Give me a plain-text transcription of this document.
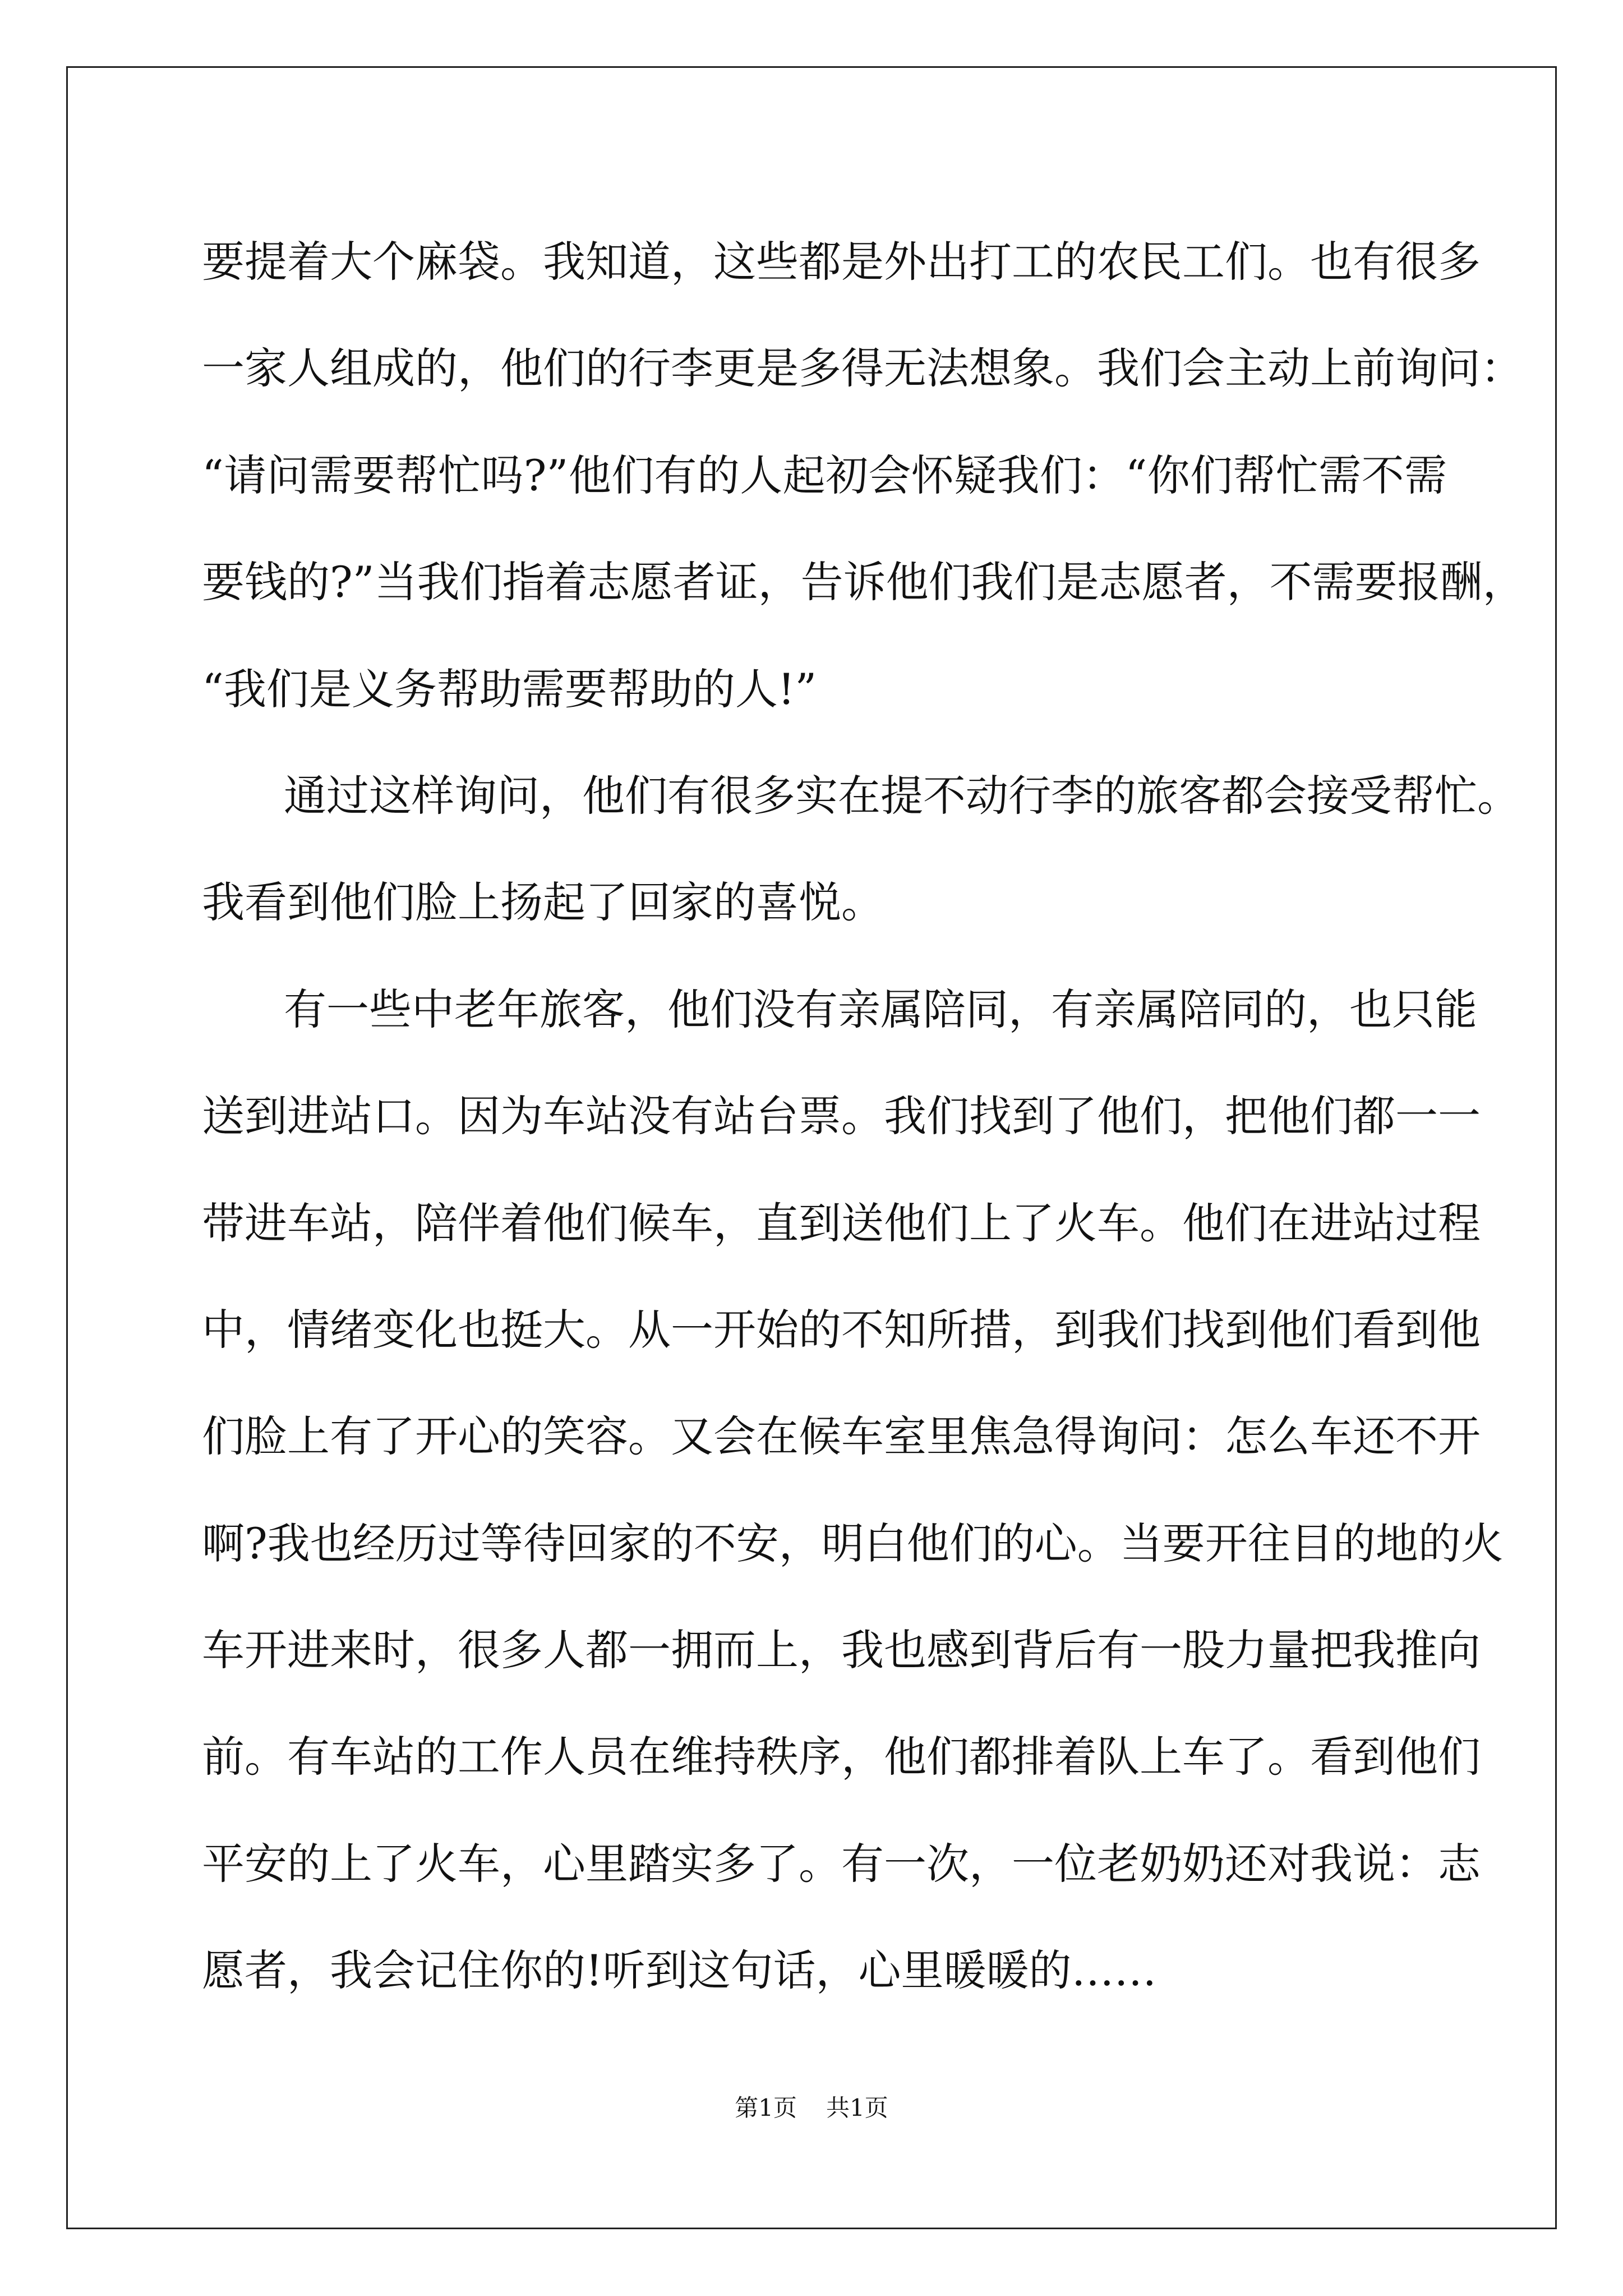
要提着大个麻袋。我知道，这些都是外出打工的农民工们。也有很多
一家人组成的，他们的行李更是多得无法想象。我们会主动上前询问：
“请问需要帮忙吗?”他们有的人起初会怀疑我们：“你们帮忙需不需
要钱的?”当我们指着志愿者证，告诉他们我们是志愿者，不需要报酬，
“我们是义务帮助需要帮助的人!”
通过这样询问，他们有很多实在提不动行李的旅客都会接受帮忙。
我看到他们脸上扬起了回家的喜悦。
有一些中老年旅客，他们没有亲属陪同，有亲属陪同的，也只能
送到进站口。因为车站没有站台票。我们找到了他们，把他们都一一
带进车站，陪伴着他们候车，直到送他们上了火车。他们在进站过程
中，情绪变化也挺大。从一开始的不知所措，到我们找到他们看到他
们脸上有了开心的笑容。又会在候车室里焦急得询问：怎么车还不开
啊?我也经历过等待回家的不安，明白他们的心。当要开往目的地的火
车开进来时，很多人都一拥而上，我也感到背后有一股力量把我推向
前。有车站的工作人员在维持秩序，他们都排着队上车了。看到他们
平安的上了火车，心里踏实多了。有一次，一位老奶奶还对我说：志
愿者，我会记住你的!听到这句话，心里暖暖的……
第1页 共1页
